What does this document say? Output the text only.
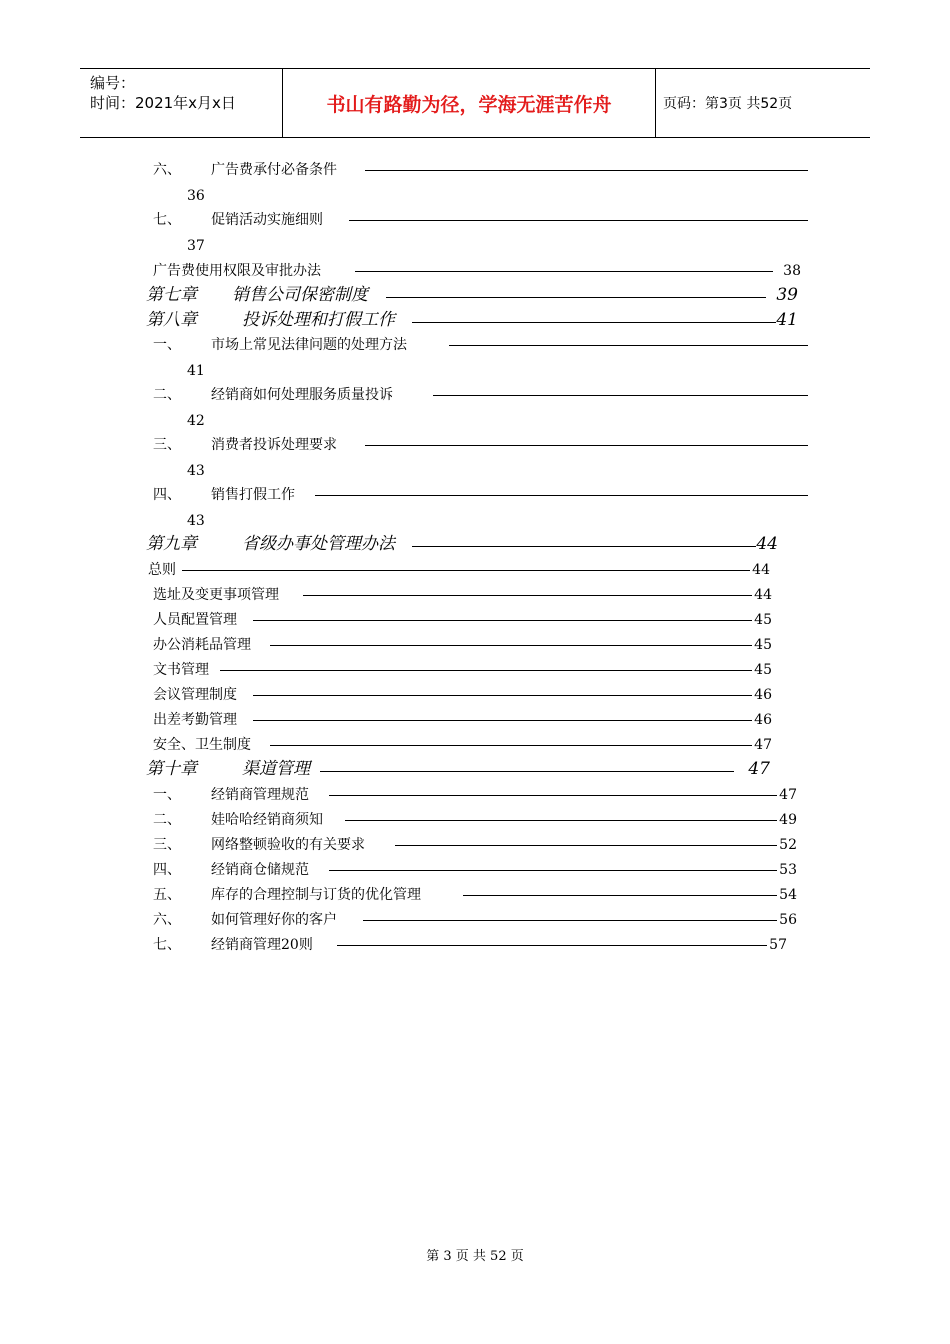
编号：
时间：2021年x月x日	书山有路勤为径，学海无涯苦作舟	页码：第3页 共52页
六、 广告费承付必备条件
36
七、 促销活动实施细则
37
广告费使用权限及审批办法	38
第七章 销售公司保密制度	39
第八章	投诉处理和打假工作	41
一、 市场上常见法律问题的处理方法
41
二、 经销商如何处理服务质量投诉
42
三、 消费者投诉处理要求
43
四、 销售打假工作
43
第九章	省级办事处管理办法	44
总则	44
选址及变更事项管理	44
人员配置管理	45
办公消耗品管理	45
文书管理	45
会议管理制度	46
出差考勤管理	46
安全、卫生制度	47
第十章	渠道管理	47
一、 经销商管理规范	47
二、 娃哈哈经销商须知	49
三、 网络整顿验收的有关要求	52
四、 经销商仓储规范	53
五、 库存的合理控制与订货的优化管理	54
六、 如何管理好你的客户	56
七、 经销商管理20则	57
第 3 页 共 52 页
